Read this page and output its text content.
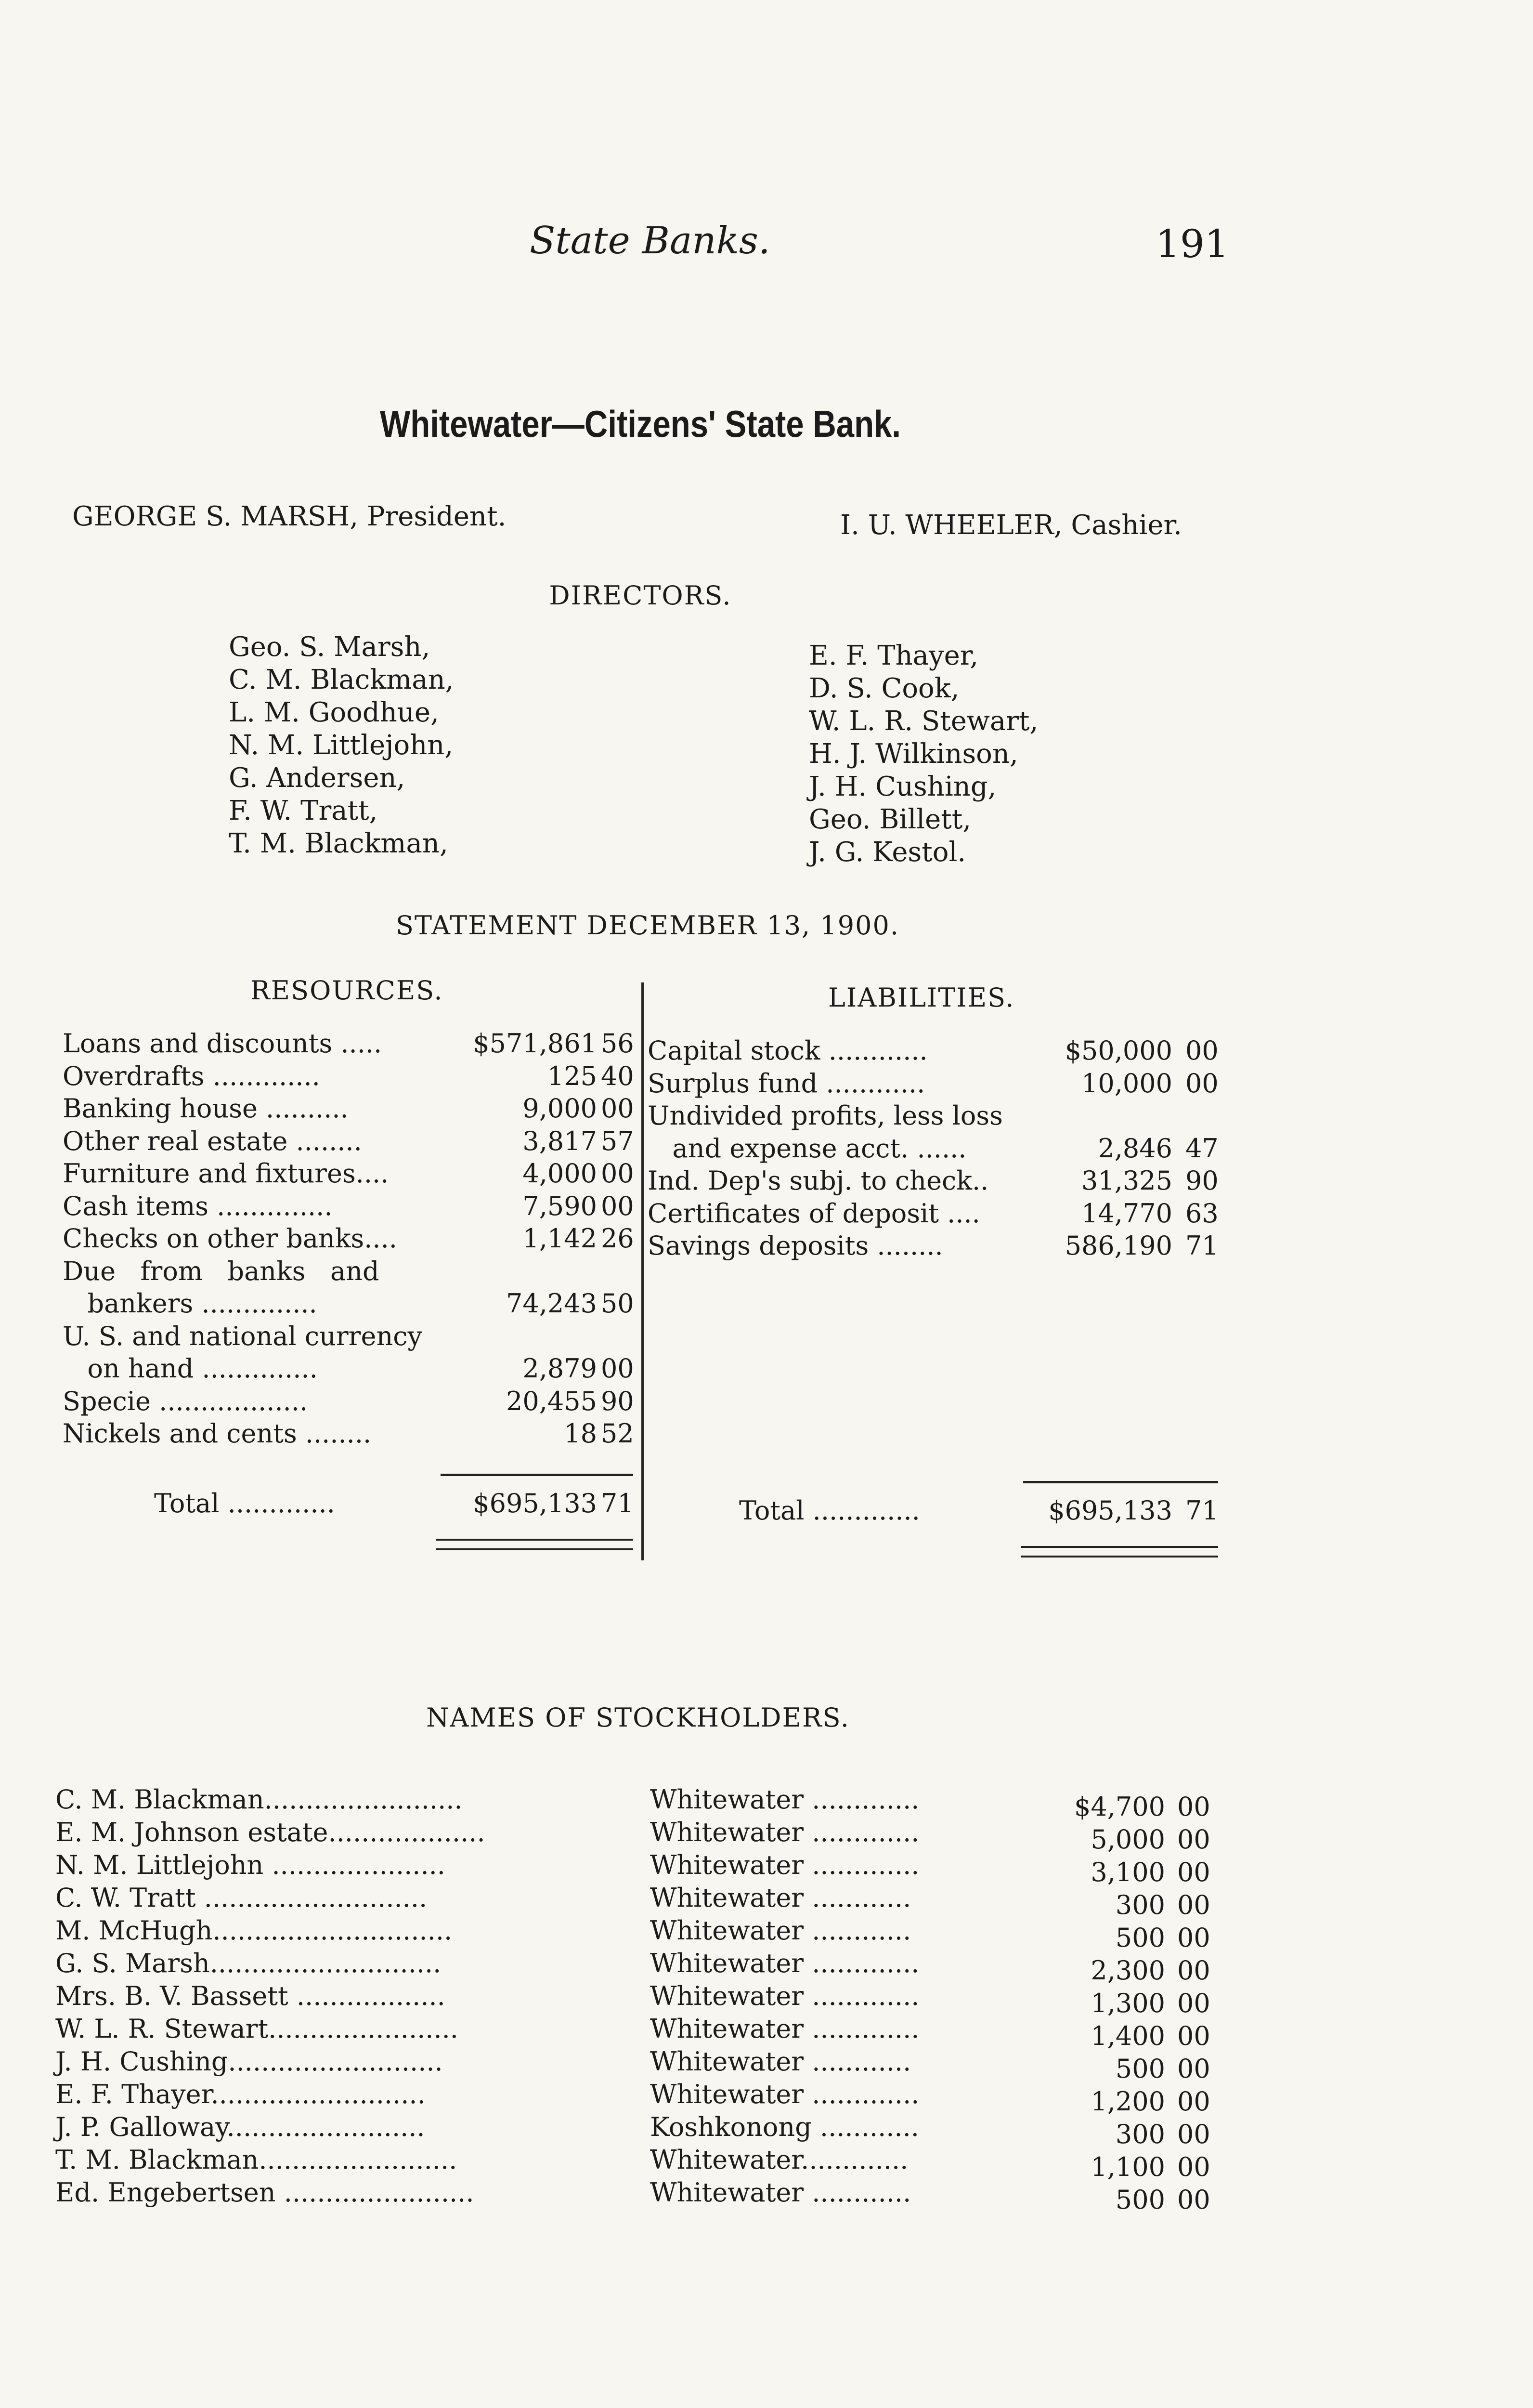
State Banks.	191
Whitewater—Citizens' State Bank.
GEORGE S. MARSH, President.	I. U. WHEELER, Cashier.
DIRECTORS.
Geo. S. Marsh,
C. M. Blackman,
L. M. Goodhue,
N. M. Littlejohn,
G. Andersen,
F. W. Tratt,
T. M. Blackman,
E. F. Thayer,
D. S. Cook,
W. L. R. Stewart,
H. J. Wilkinson,
J. H. Cushing,
Geo. Billett,
J. G. Kestol.
STATEMENT DECEMBER 13, 1900.
RESOURCES.	LIABILITIES.
Loans and discounts .....	$571,861 56
Overdrafts .............	125 40
Banking house ..........	9,000 00
Other real estate ........	3,817 57
Furniture and fixtures....	4,000 00
Cash items ..............	7,590 00
Checks on other banks....	1,142 26
Due   from   banks   and
bankers ..............	74,243 50
U. S. and national currency
on hand ..............	2,879 00
Specie ..................	20,455 90
Nickels and cents ........	18 52
Capital stock ............	$50,000 00
Surplus fund ............	10,000 00
Undivided profits, less loss
and expense acct. ......	2,846 47
Ind. Dep's subj. to check..	31,325 90
Certificates of deposit ....	14,770 63
Savings deposits ........	586,190 71
Total .............	$695,133 71	Total .............	$695,133 71
NAMES OF STOCKHOLDERS.
C. M. Blackman........................	Whitewater .............	$4,700 00
E. M. Johnson estate...................	Whitewater .............	5,000 00
N. M. Littlejohn .....................	Whitewater .............	3,100 00
C. W. Tratt ...........................	Whitewater ............	300 00
M. McHugh.............................	Whitewater ............	500 00
G. S. Marsh............................	Whitewater .............	2,300 00
Mrs. B. V. Bassett ..................	Whitewater .............	1,300 00
W. L. R. Stewart.......................	Whitewater .............	1,400 00
J. H. Cushing..........................	Whitewater ............	500 00
E. F. Thayer..........................	Whitewater .............	1,200 00
J. P. Galloway........................	Koshkonong ............	300 00
T. M. Blackman........................	Whitewater.............	1,100 00
Ed. Engebertsen .......................	Whitewater ............	500 00
